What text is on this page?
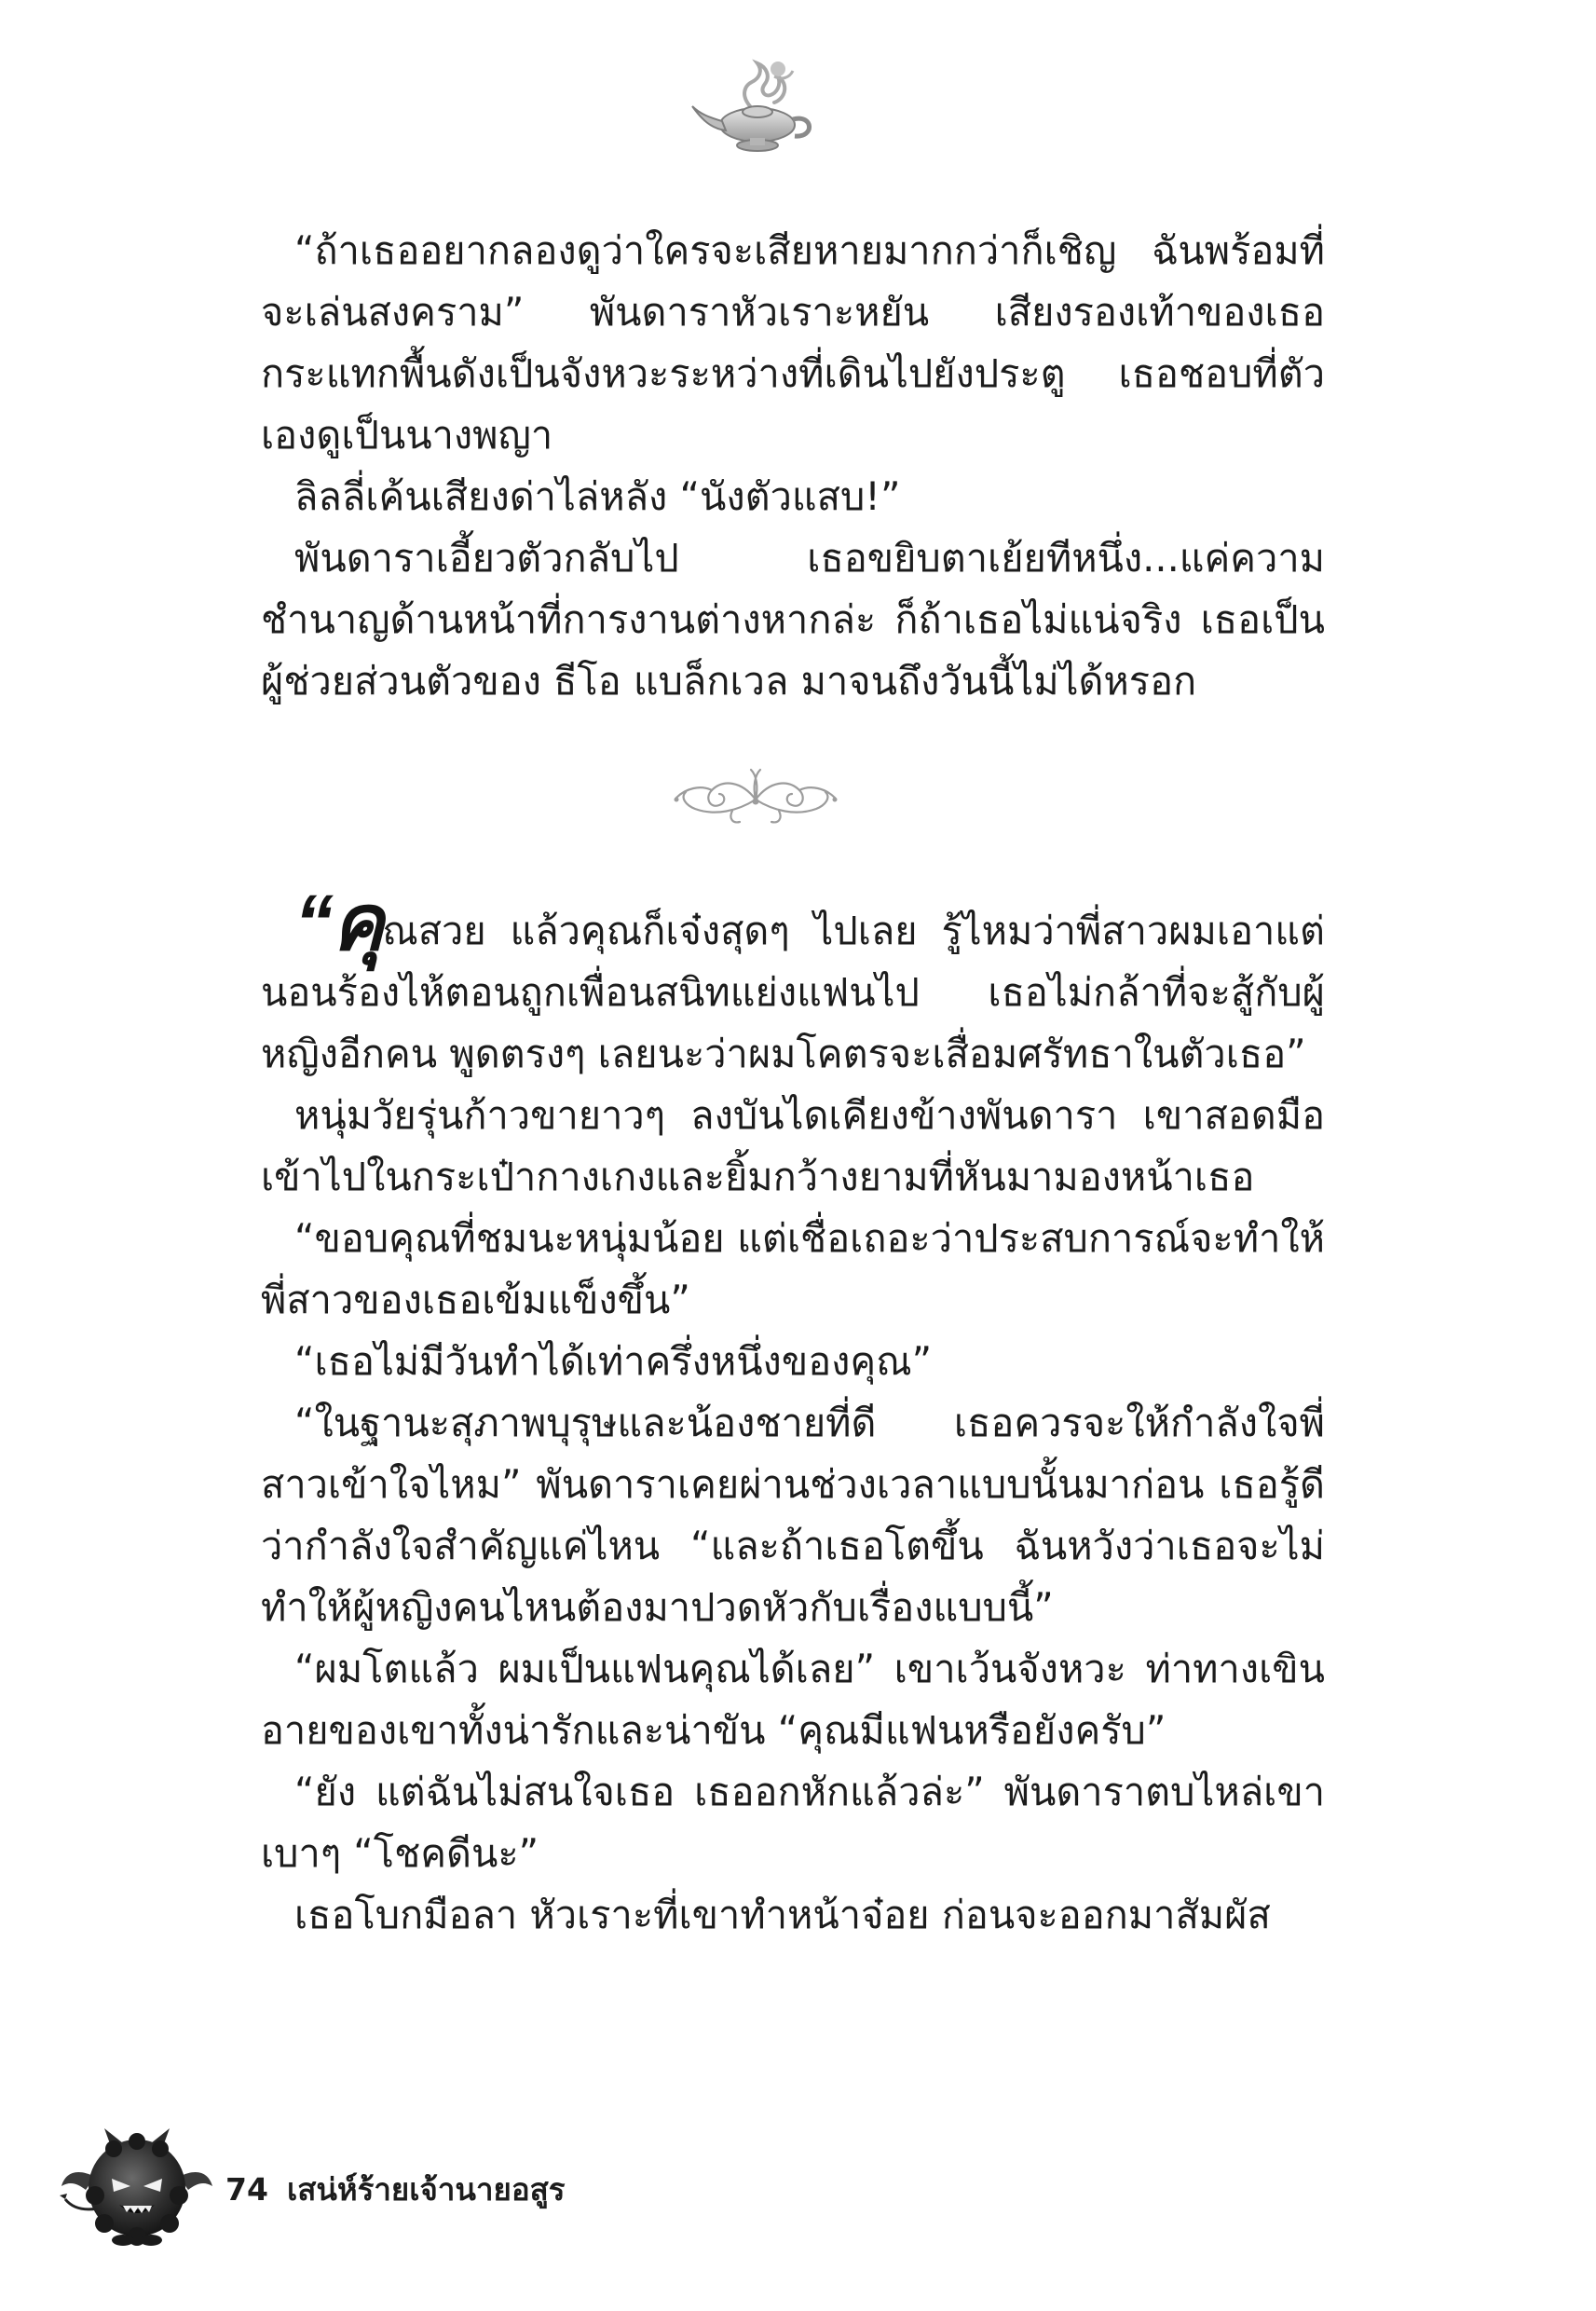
“ถ้าเธออยากลองดูว่าใครจะเสียหายมากกว่าก็เชิญ ฉันพร้อมที่จะเล่นสงคราม” พันดาราหัวเราะหยัน เสียงรองเท้าของเธอกระแทกพื้นดังเป็นจังหวะระหว่างที่เดินไปยังประตู เธอชอบที่ตัวเองดูเป็นนางพญา

ลิลลี่เค้นเสียงด่าไล่หลัง “นังตัวแสบ!”

พันดาราเอี้ยวตัวกลับไป เธอขยิบตาเย้ยทีหนึ่ง...แค่ความชำนาญด้านหน้าที่การงานต่างหากล่ะ ก็ถ้าเธอไม่แน่จริง เธอเป็นผู้ช่วยส่วนตัวของ ธีโอ แบล็กเวล มาจนถึงวันนี้ไม่ได้หรอก

“คุณสวย แล้วคุณก็เจ๋งสุดๆ ไปเลย รู้ไหมว่าพี่สาวผมเอาแต่นอนร้องไห้ตอนถูกเพื่อนสนิทแย่งแฟนไป เธอไม่กล้าที่จะสู้กับผู้หญิงอีกคน พูดตรงๆ เลยนะว่าผมโคตรจะเสื่อมศรัทธาในตัวเธอ”

หนุ่มวัยรุ่นก้าวขายาวๆ ลงบันไดเคียงข้างพันดารา เขาสอดมือเข้าไปในกระเป๋ากางเกงและยิ้มกว้างยามที่หันมามองหน้าเธอ

“ขอบคุณที่ชมนะหนุ่มน้อย แต่เชื่อเถอะว่าประสบการณ์จะทำให้พี่สาวของเธอเข้มแข็งขึ้น”

“เธอไม่มีวันทำได้เท่าครึ่งหนึ่งของคุณ”

“ในฐานะสุภาพบุรุษและน้องชายที่ดี เธอควรจะให้กำลังใจพี่สาวเข้าใจไหม” พันดาราเคยผ่านช่วงเวลาแบบนั้นมาก่อน เธอรู้ดีว่ากำลังใจสำคัญแค่ไหน “และถ้าเธอโตขึ้น ฉันหวังว่าเธอจะไม่ทำให้ผู้หญิงคนไหนต้องมาปวดหัวกับเรื่องแบบนี้”

“ผมโตแล้ว ผมเป็นแฟนคุณได้เลย” เขาเว้นจังหวะ ท่าทางเขินอายของเขาทั้งน่ารักและน่าขัน “คุณมีแฟนหรือยังครับ”

“ยัง แต่ฉันไม่สนใจเธอ เธออกหักแล้วล่ะ” พันดาราตบไหล่เขาเบาๆ “โชคดีนะ”

เธอโบกมือลา หัวเราะที่เขาทำหน้าจ๋อย ก่อนจะออกมาสัมผัส

74 เสน่ห์ร้ายเจ้านายอสูร
